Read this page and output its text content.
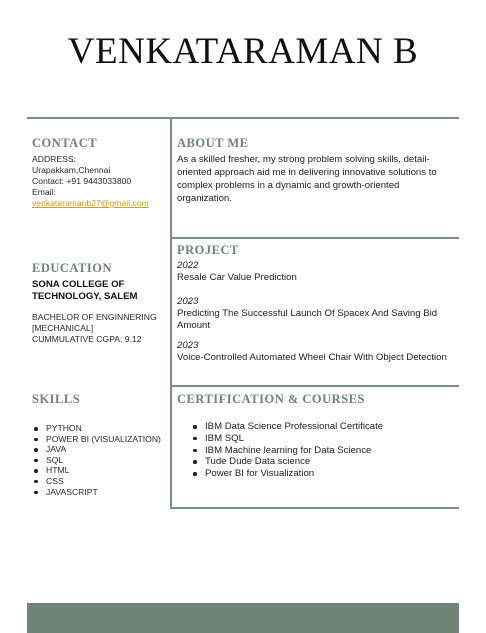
VENKATARAMAN B
CONTACT
ADDRESS:
Urapakkam,Chennai
Contact: +91 9443033800
Email:
venkataramanb27@gmail.com
ABOUT ME
As a skilled fresher, my strong problem solving skills, detail-
oriented approach aid me in delivering innovative solutions to
complex problems in a dynamic and growth-oriented
organization.
EDUCATION
SONA COLLEGE OF
TECHNOLOGY, SALEM
BACHELOR OF ENGINNERING
[MECHANICAL]
CUMMULATIVE CGPA: 9.12
PROJECT
2022
Resale Car Value Prediction
2023
Predicting The Successful Launch Of Spacex And Saving Bid
Amount
2023
Voice-Controlled Automated Wheel Chair With Object Detection
SKILLS
PYTHON
POWER BI (VISUALIZATION)
JAVA
SQL
HTML
CSS
JAVASCRIPT
CERTIFICATION & COURSES
IBM Data Science Professional Certificate
IBM SQL
IBM Machine learning for Data Science
Tude Dude Data science
Power BI for Visualization
